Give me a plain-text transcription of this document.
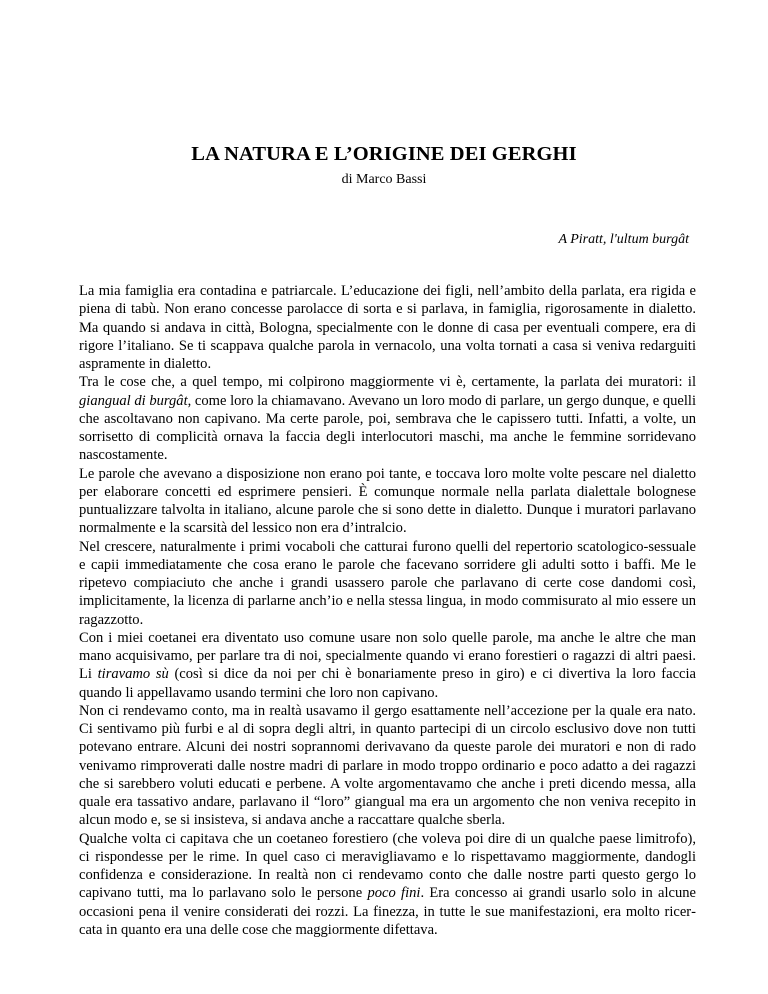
LA NATURA E L’ORIGINE DEI GERGHI

di Marco Bassi

A Piratt, l'ultum burgât

La mia famiglia era contadina e patriarcale. L’educazione dei figli, nell’ambito della parlata, era rigida e piena di tabù. Non erano concesse parolacce di sorta e si parlava, in famiglia, rigorosamente in dialetto. Ma quando si andava in città, Bologna, specialmente con le donne di casa per eventuali compere, era di rigore l’italiano. Se ti scappava qualche parola in vernacolo, una volta tornati a casa si veniva redarguiti aspramente in dialetto.

Tra le cose che, a quel tempo, mi colpirono maggiormente vi è, certamente, la parlata dei muratori: il giangual di burgât, come loro la chiamavano. Avevano un loro modo di parlare, un gergo dunque, e quelli che ascoltavano non capivano. Ma certe parole, poi, sembrava che le capissero tutti. Infatti, a volte, un sorrisetto di complicità ornava la faccia degli interlocutori maschi, ma anche le femmine sorridevano nascostamente.

Le parole che avevano a disposizione non erano poi tante, e toccava loro molte volte pescare nel dialetto per elaborare concetti ed esprimere pensieri. È comunque normale nella parlata dialettale bolognese puntualizzare talvolta in italiano, alcune parole che si sono dette in dialetto. Dunque i muratori parlavano normalmente e la scarsità del lessico non era d’intralcio.

Nel crescere, naturalmente i primi vocaboli che catturai furono quelli del repertorio scatologico-sessuale e capii immediatamente che cosa erano le parole che facevano sorridere gli adulti sotto i baffi. Me le ripetevo compiaciuto che anche i grandi usassero parole che parlavano di certe cose dandomi così, implicitamente, la licenza di parlarne anch’io e nella stessa lingua, in modo commisurato al mio essere un ragazzotto.

Con i miei coetanei era diventato uso comune usare non solo quelle parole, ma anche le altre che man mano acquisivamo, per parlare tra di noi, specialmente quando vi erano forestieri o ragazzi di altri paesi. Li tiravamo sù (così si dice da noi per chi è bonariamente preso in giro) e ci divertiva la loro faccia quando li appellavamo usando termini che loro non capivano.

Non ci rendevamo conto, ma in realtà usavamo il gergo esattamente nell’accezione per la quale era nato. Ci sentivamo più furbi e al di sopra degli altri, in quanto partecipi di un circolo esclusivo dove non tutti potevano entrare. Alcuni dei nostri soprannomi derivavano da queste parole dei muratori e non di rado venivamo rimproverati dalle nostre madri di parlare in modo troppo ordinario e poco adatto a dei ragazzi che si sarebbero voluti educati e perbene. A volte argomentavamo che anche i preti dicendo messa, alla quale era tassativo andare, parlavano il “loro” giangual ma era un argomento che non veniva recepito in alcun modo e, se si insisteva, si andava anche a raccattare qualche sberla.

Qualche volta ci capitava che un coetaneo forestiero (che voleva poi dire di un qualche paese limitrofo), ci rispondesse per le rime. In quel caso ci meravigliavamo e lo rispettavamo maggiormente, dandogli confidenza e considerazione. In realtà non ci rendevamo conto che dalle nostre parti questo gergo lo capivano tutti, ma lo parlavano solo le persone poco fini. Era concesso ai grandi usarlo solo in alcune occasioni pena il venire considerati dei rozzi. La finezza, in tutte le sue manifestazioni, era molto ricercata in quanto era una delle cose che maggiormente difettava.
